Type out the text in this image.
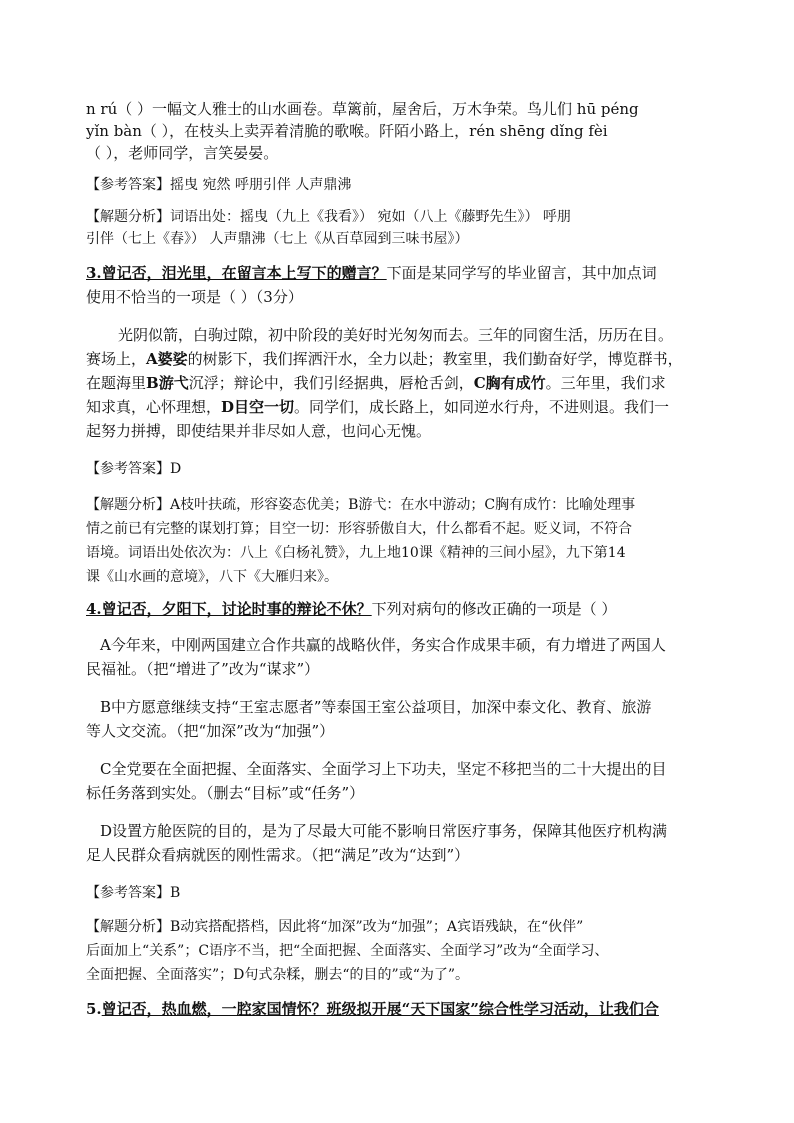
n rú（ ）一幅文人雅士的山水画卷。草篱前，屋舍后，万木争荣。鸟儿们 hū péng
yǐn bàn（ ），在枝头上卖弄着清脆的歌喉。阡陌小路上，rén shēng dǐng fèi
（ ），老师同学，言笑晏晏。
【参考答案】摇曳 宛然 呼朋引伴 人声鼎沸
【解题分析】词语出处：摇曳（九上《我看》） 宛如（八上《藤野先生》） 呼朋
引伴（七上《春》） 人声鼎沸（七上《从百草园到三味书屋》）
3.曾记否，泪光里，在留言本上写下的赠言？下面是某同学写的毕业留言，其中加点词
使用不恰当的一项是（ ）（3分）
光阴似箭，白驹过隙，初中阶段的美好时光匆匆而去。三年的同窗生活，历历在目。
赛场上，A婆娑的树影下，我们挥洒汗水，全力以赴；教室里，我们勤奋好学，博览群书，
在题海里B游弋沉浮；辩论中，我们引经据典，唇枪舌剑，C胸有成竹。三年里，我们求
知求真，心怀理想，D目空一切。同学们，成长路上，如同逆水行舟，不进则退。我们一
起努力拼搏，即使结果并非尽如人意，也问心无愧。
【参考答案】D
【解题分析】A枝叶扶疏，形容姿态优美；B游弋：在水中游动；C胸有成竹：比喻处理事
情之前已有完整的谋划打算；目空一切：形容骄傲自大，什么都看不起。贬义词，不符合
语境。词语出处依次为：八上《白杨礼赞》，九上地10课《精神的三间小屋》，九下第14
课《山水画的意境》，八下《大雁归来》。
4.曾记否，夕阳下，讨论时事的辩论不休？下列对病句的修改正确的一项是（ ）
A今年来，中刚两国建立合作共赢的战略伙伴，务实合作成果丰硕，有力增进了两国人
民福祉。（把“增进了”改为“谋求”）
B中方愿意继续支持“王室志愿者”等泰国王室公益项目，加深中泰文化、教育、旅游
等人文交流。（把“加深”改为“加强”）
C全党要在全面把握、全面落实、全面学习上下功夫，坚定不移把当的二十大提出的目
标任务落到实处。（删去“目标”或“任务”）
D设置方舱医院的目的，是为了尽最大可能不影响日常医疗事务，保障其他医疗机构满
足人民群众看病就医的刚性需求。（把“满足”改为“达到”）
【参考答案】B
【解题分析】B动宾搭配搭档，因此将“加深”改为“加强”；A宾语残缺，在“伙伴”
后面加上“关系”；C语序不当，把“全面把握、全面落实、全面学习”改为“全面学习、
全面把握、全面落实”；D句式杂糅，删去“的目的”或“为了”。
5.曾记否，热血燃，一腔家国情怀？班级拟开展“天下国家”综合性学习活动，让我们合
